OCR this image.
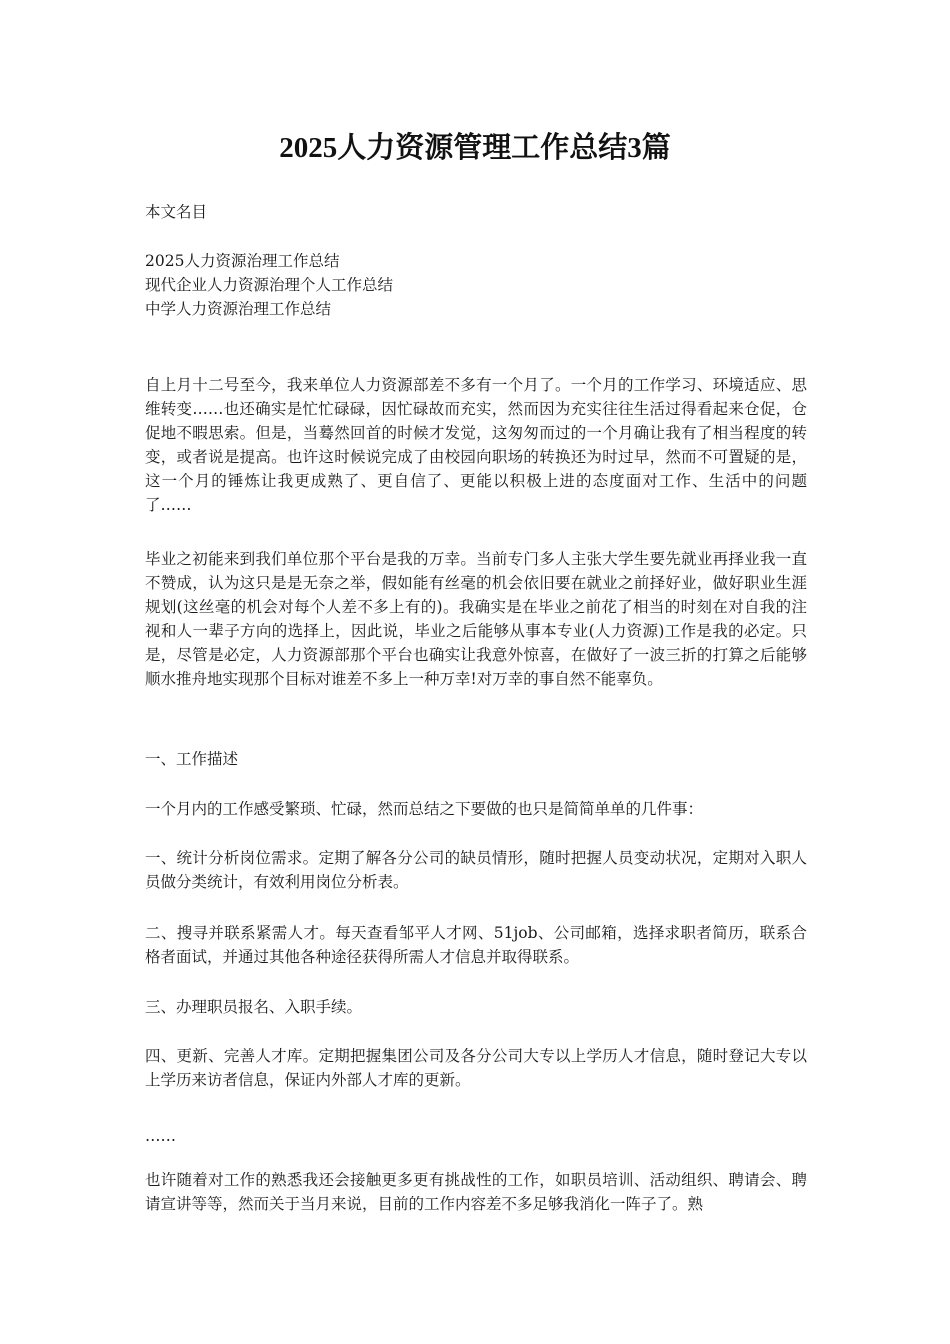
2025人力资源管理工作总结3篇
本文名目
2025人力资源治理工作总结
现代企业人力资源治理个人工作总结
中学人力资源治理工作总结
自上月十二号至今，我来单位人力资源部差不多有一个月了。一个月的工作学习、环境适应、思维转变……也还确实是忙忙碌碌，因忙碌故而充实，然而因为充实往往生活过得看起来仓促，仓促地不暇思索。但是，当蓦然回首的时候才发觉，这匆匆而过的一个月确让我有了相当程度的转变，或者说是提高。也许这时候说完成了由校园向职场的转换还为时过早，然而不可置疑的是，这一个月的锤炼让我更成熟了、更自信了、更能以积极上进的态度面对工作、生活中的问题了……
毕业之初能来到我们单位那个平台是我的万幸。当前专门多人主张大学生要先就业再择业我一直不赞成，认为这只是是无奈之举，假如能有丝毫的机会依旧要在就业之前择好业，做好职业生涯规划(这丝毫的机会对每个人差不多上有的)。我确实是在毕业之前花了相当的时刻在对自我的注视和人一辈子方向的选择上，因此说，毕业之后能够从事本专业(人力资源)工作是我的必定。只是，尽管是必定，人力资源部那个平台也确实让我意外惊喜，在做好了一波三折的打算之后能够顺水推舟地实现那个目标对谁差不多上一种万幸!对万幸的事自然不能辜负。
一、工作描述
一个月内的工作感受繁琐、忙碌，然而总结之下要做的也只是简简单单的几件事：
一、统计分析岗位需求。定期了解各分公司的缺员情形，随时把握人员变动状况，定期对入职人员做分类统计，有效利用岗位分析表。
二、搜寻并联系紧需人才。每天查看邹平人才网、51job、公司邮箱，选择求职者简历，联系合格者面试，并通过其他各种途径获得所需人才信息并取得联系。
三、办理职员报名、入职手续。
四、更新、完善人才库。定期把握集团公司及各分公司大专以上学历人才信息，随时登记大专以上学历来访者信息，保证内外部人才库的更新。
……
也许随着对工作的熟悉我还会接触更多更有挑战性的工作，如职员培训、活动组织、聘请会、聘请宣讲等等，然而关于当月来说，目前的工作内容差不多足够我消化一阵子了。熟
